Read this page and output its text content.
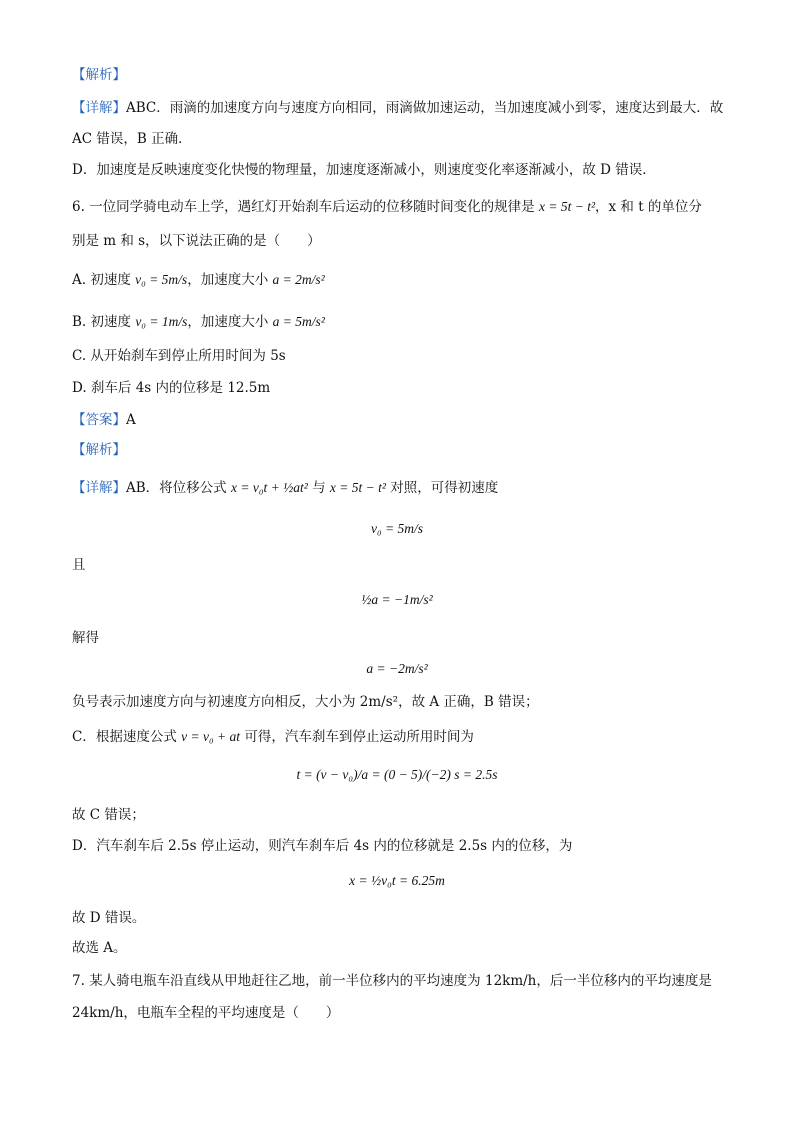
【解析】
【详解】ABC．雨滴的加速度方向与速度方向相同，雨滴做加速运动，当加速度减小到零，速度达到最大．故
AC 错误，B 正确．
D．加速度是反映速度变化快慢的物理量，加速度逐渐减小，则速度变化率逐渐减小，故 D 错误．
6. 一位同学骑电动车上学，遇红灯开始刹车后运动的位移随时间变化的规律是 x = 5t − t²，x 和 t 的单位分
别是 m 和 s，以下说法正确的是（　　）
A. 初速度 v₀ = 5m/s，加速度大小 a = 2m/s²
B. 初速度 v₀ = 1m/s，加速度大小 a = 5m/s²
C. 从开始刹车到停止所用时间为 5s
D. 刹车后 4s 内的位移是 12.5m
【答案】A
【解析】
【详解】AB．将位移公式 x = v₀t + ½at² 与 x = 5t − t² 对照，可得初速度
v₀ = 5m/s
且
½a = −1m/s²
解得
a = −2m/s²
负号表示加速度方向与初速度方向相反，大小为 2m/s²，故 A 正确，B 错误；
C．根据速度公式 v = v₀ + at 可得，汽车刹车到停止运动所用时间为
t = (v − v₀)/a = (0 − 5)/(−2) s = 2.5s
故 C 错误；
D．汽车刹车后 2.5s 停止运动，则汽车刹车后 4s 内的位移就是 2.5s 内的位移，为
x = ½v₀t = 6.25m
故 D 错误。
故选 A。
7. 某人骑电瓶车沿直线从甲地赶往乙地，前一半位移内的平均速度为 12km/h，后一半位移内的平均速度是
24km/h，电瓶车全程的平均速度是（　　）
